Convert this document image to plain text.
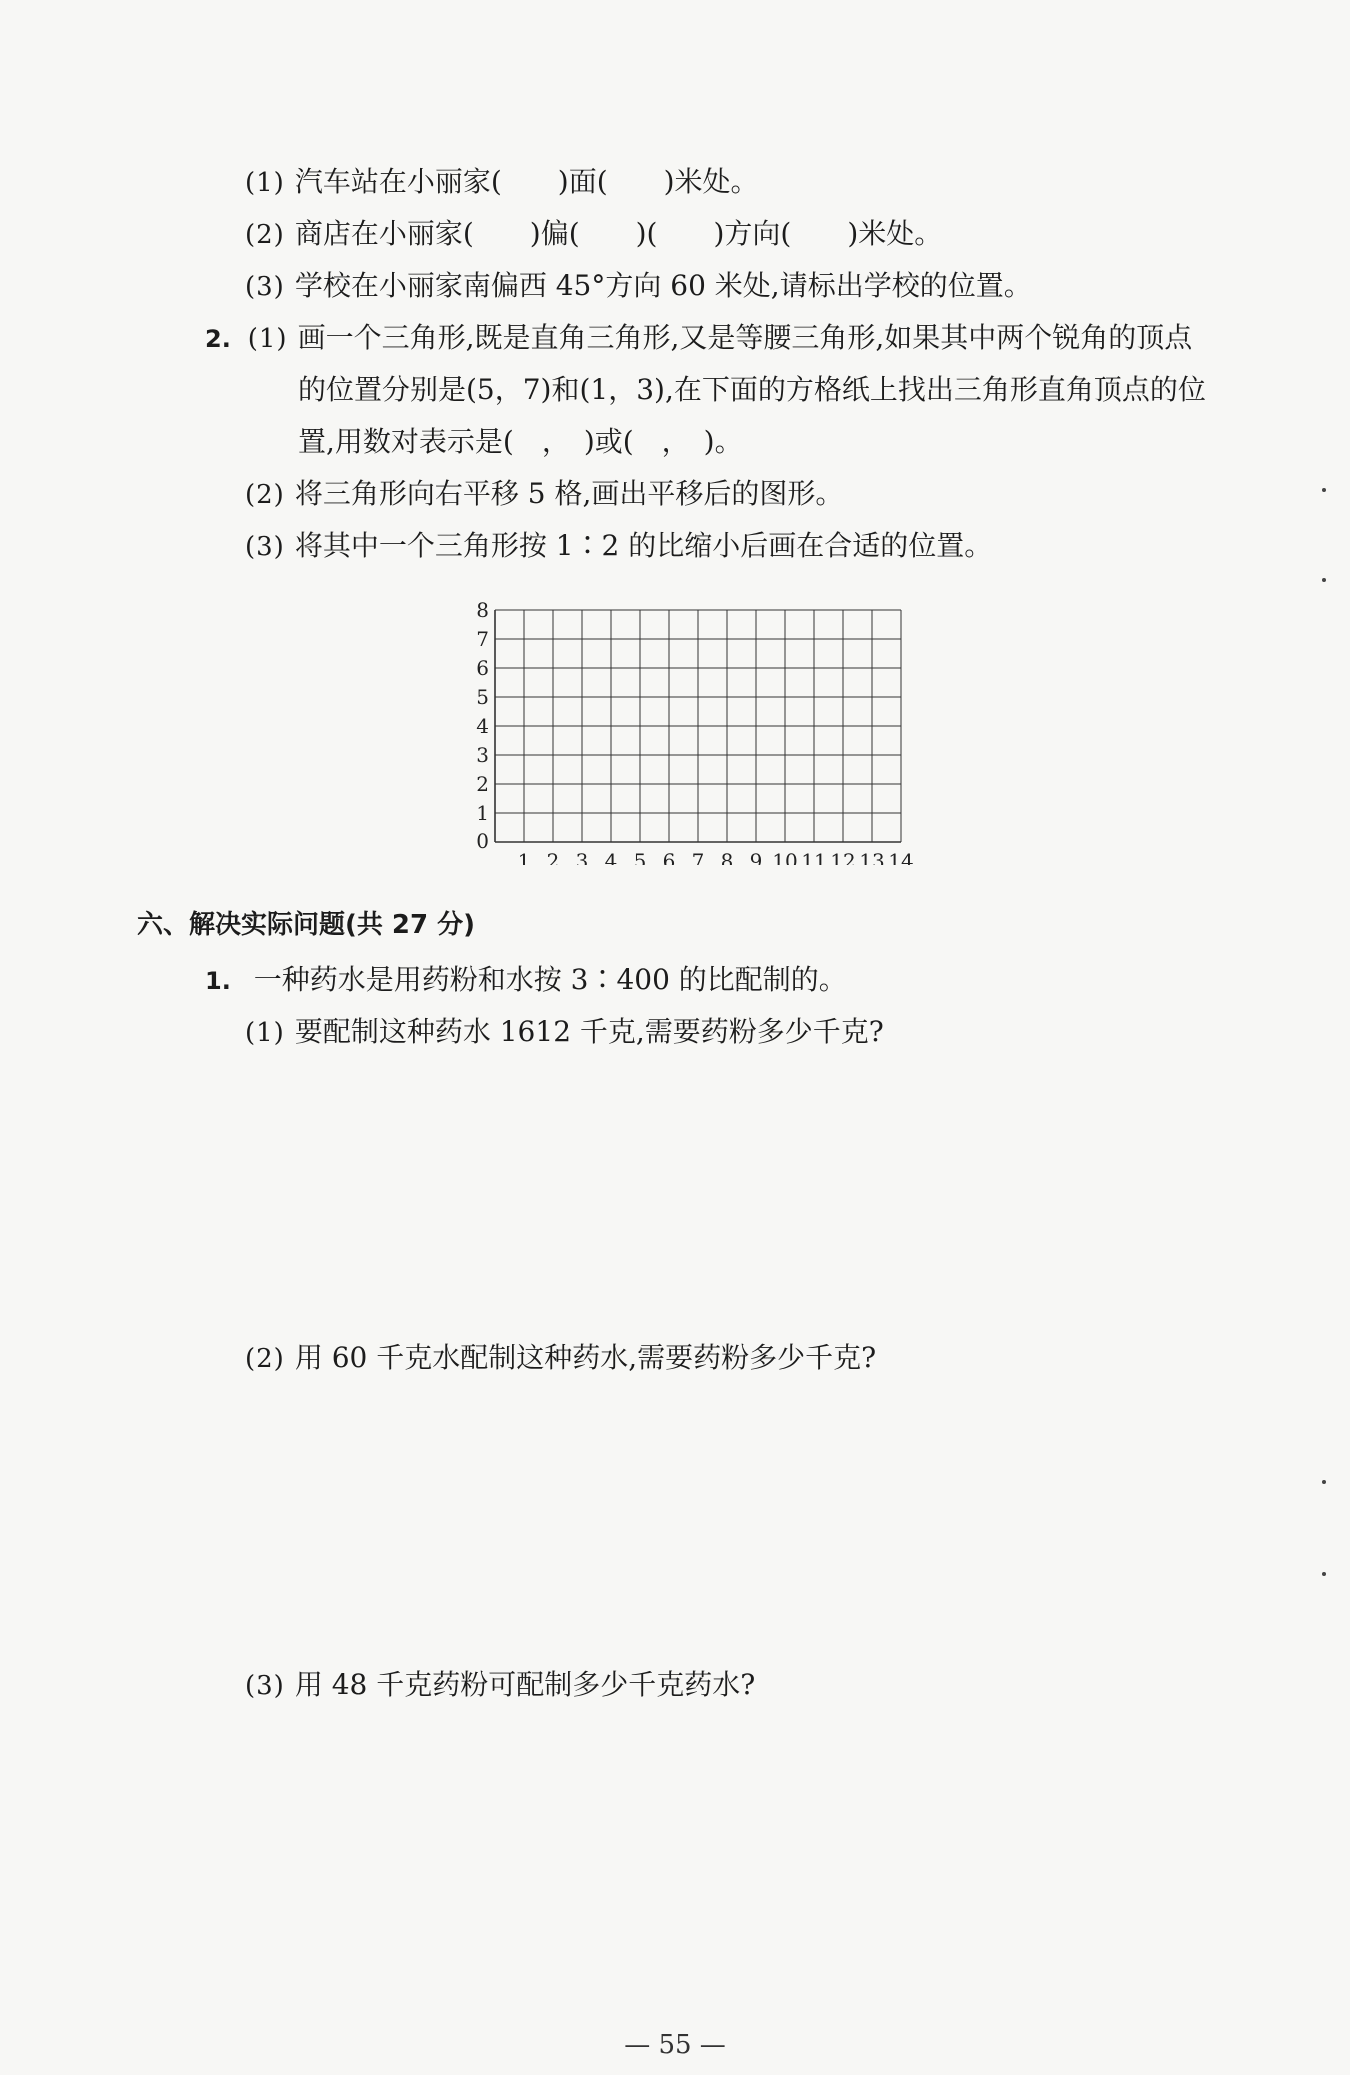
(1) 汽车站在小丽家(　　)面(　　)米处。
(2) 商店在小丽家(　　)偏(　　)(　　)方向(　　)米处。
(3) 学校在小丽家南偏西 45°方向 60 米处,请标出学校的位置。
2. (1) 画一个三角形,既是直角三角形,又是等腰三角形,如果其中两个锐角的顶点
的位置分别是(5，7)和(1，3),在下面的方格纸上找出三角形直角顶点的位
置,用数对表示是(　，　)或(　，　)。
(2) 将三角形向右平移 5 格,画出平移后的图形。
(3) 将其中一个三角形按 1∶2 的比缩小后画在合适的位置。
1 2 3 4 5 6 7 8 9 10 11 12 13 14
1
2
3
4
5
6
7
8
0
六、解决实际问题(共 27 分)
1. 一种药水是用药粉和水按 3∶400 的比配制的。
(1) 要配制这种药水 1612 千克,需要药粉多少千克?
(2) 用 60 千克水配制这种药水,需要药粉多少千克?
(3) 用 48 千克药粉可配制多少千克药水?
— 55 —
